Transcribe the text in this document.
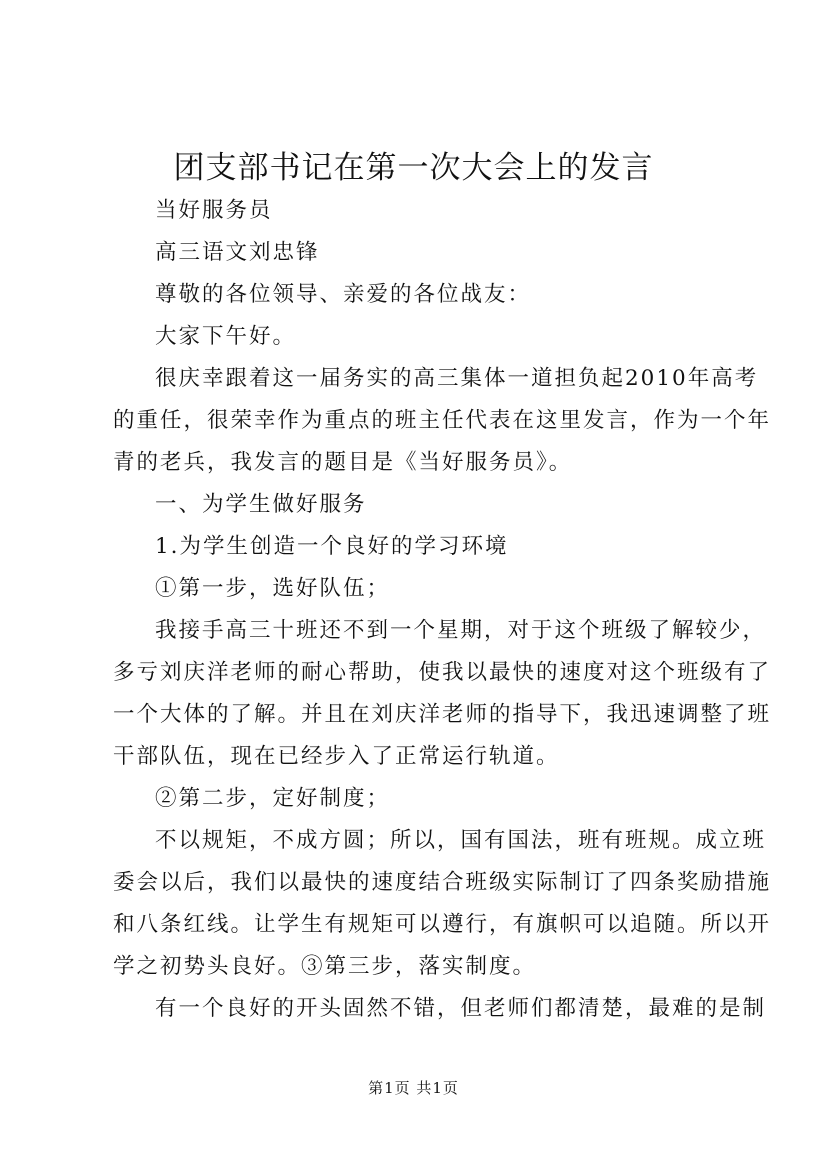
团支部书记在第一次大会上的发言
当好服务员
高三语文刘忠锋
尊敬的各位领导、亲爱的各位战友：
大家下午好。
很庆幸跟着这一届务实的高三集体一道担负起2010年高考
的重任，很荣幸作为重点的班主任代表在这里发言，作为一个年
青的老兵，我发言的题目是《当好服务员》。
一、为学生做好服务
1.为学生创造一个良好的学习环境
①第一步，选好队伍；
我接手高三十班还不到一个星期，对于这个班级了解较少，
多亏刘庆洋老师的耐心帮助，使我以最快的速度对这个班级有了
一个大体的了解。并且在刘庆洋老师的指导下，我迅速调整了班
干部队伍，现在已经步入了正常运行轨道。
②第二步，定好制度；
不以规矩，不成方圆；所以，国有国法，班有班规。成立班
委会以后，我们以最快的速度结合班级实际制订了四条奖励措施
和八条红线。让学生有规矩可以遵行，有旗帜可以追随。所以开
学之初势头良好。③第三步，落实制度。
有一个良好的开头固然不错，但老师们都清楚，最难的是制
第1页 共1页
